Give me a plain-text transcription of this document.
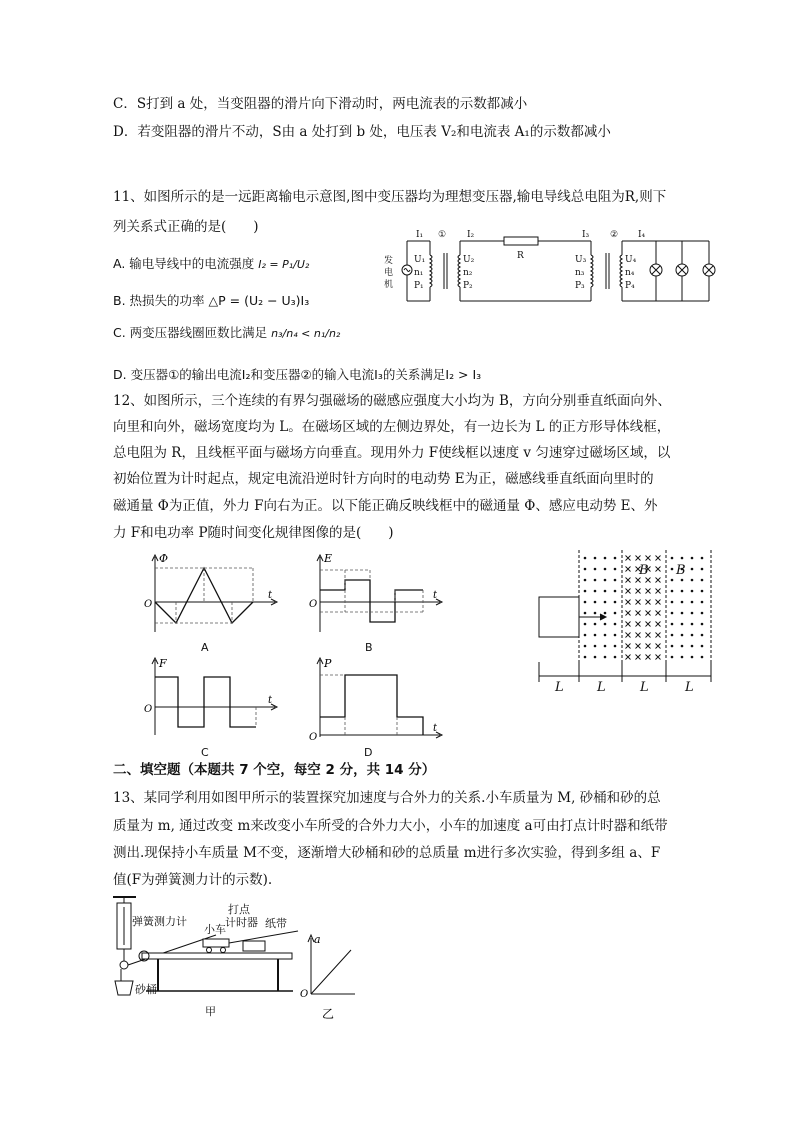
C．S打到 a 处，当变阻器的滑片向下滑动时，两电流表的示数都减小
D．若变阻器的滑片不动，S由 a 处打到 b 处，电压表 V₂和电流表 A₁的示数都减小
11、如图所示的是一远距离输电示意图,图中变压器均为理想变压器,输电导线总电阻为R,则下
列关系式正确的是(　　)
A. 输电导线中的电流强度 I₂ = P₁/U₂
B. 热损失的功率 △P = (U₂ − U₃)I₃
C. 两变压器线圈匝数比满足 n₃/n₄ < n₁/n₂
D. 变压器①的输出电流I₂和变压器②的输入电流I₃的关系满足I₂ > I₃
发
电
机
I₁ ① I₂
R
I₃ ② I₄
U₁
n₁
P₁
U₂
n₂
P₂
U₃
n₃
P₃
U₄
n₄
P₄
12、如图所示，三个连续的有界匀强磁场的磁感应强度大小均为 B，方向分别垂直纸面向外、
向里和向外，磁场宽度均为 L。在磁场区域的左侧边界处，有一边长为 L 的正方形导体线框，
总电阻为 R，且线框平面与磁场方向垂直。现用外力 F使线框以速度 v 匀速穿过磁场区域，以
初始位置为计时起点，规定电流沿逆时针方向时的电动势 E为正，磁感线垂直纸面向里时的
磁通量 Φ为正值，外力 F向右为正。以下能正确反映线框中的磁通量 Φ、感应电动势 E、外
力 F和电功率 P随时间变化规律图像的是(　　)
Φ
O
t
A
E
O
t
B
F
O
t
C
P
O
t
D
B B
L	L	L	L
二、填空题（本题共 7 个空，每空 2 分，共 14 分）
13、某同学利用如图甲所示的装置探究加速度与合外力的关系.小车质量为 M, 砂桶和砂的总
质量为 m, 通过改变 m来改变小车所受的合外力大小，小车的加速度 a可由打点计时器和纸带
测出.现保持小车质量 M不变，逐渐增大砂桶和砂的总质量 m进行多次实验，得到多组 a、F
值(F为弹簧测力计的示数).
弹簧测力计
小车
打点
计时器 纸带
砂桶
甲
a
O
乙
